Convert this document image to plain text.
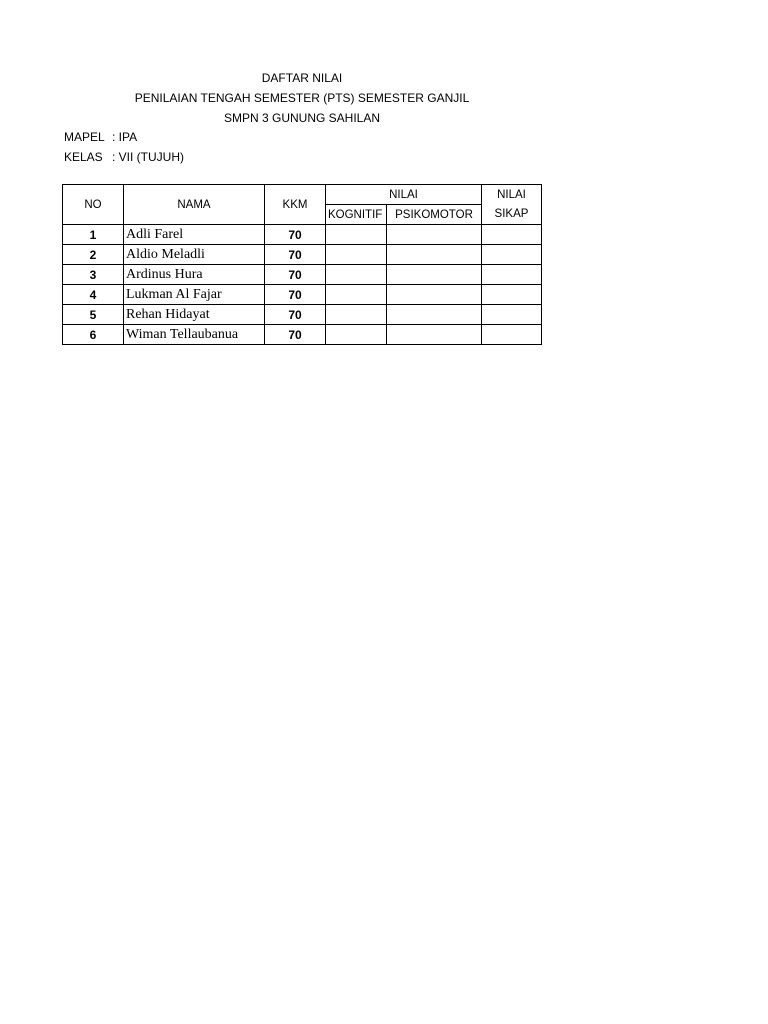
DAFTAR NILAI
PENILAIAN TENGAH SEMESTER (PTS) SEMESTER GANJIL
SMPN 3 GUNUNG SAHILAN
MAPEL : IPA
KELAS : VII (TUJUH)
NO	NAMA	KKM	NILAI		NILAI
			KOGNITIF	PSIKOMOTOR	SIKAP
1	Adli Farel	70			
2	Aldio Meladli	70			
3	Ardinus Hura	70			
4	Lukman Al Fajar	70			
5	Rehan Hidayat	70			
6	Wiman Tellaubanua	70			
